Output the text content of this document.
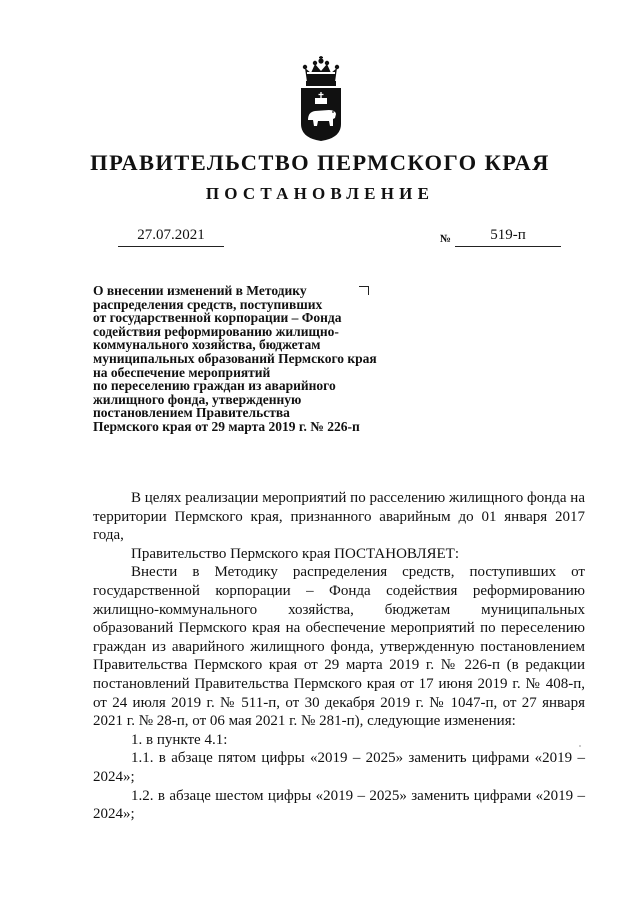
ПРАВИТЕЛЬСТВО ПЕРМСКОГО КРАЯ
ПОСТАНОВЛЕНИЕ
27.07.2021	№	519-п
О внесении изменений в Методику
распределения средств, поступивших
от государственной корпорации – Фонда
содействия реформированию жилищно-
коммунального хозяйства, бюджетам
муниципальных образований Пермского края
на обеспечение мероприятий
по переселению граждан из аварийного
жилищного фонда, утвержденную
постановлением Правительства
Пермского края от 29 марта 2019 г. № 226-п

В целях реализации мероприятий по расселению жилищного фонда на территории Пермского края, признанного аварийным до 01 января 2017 года,

Правительство Пермского края ПОСТАНОВЛЯЕТ:

Внести в Методику распределения средств, поступивших от государственной корпорации – Фонда содействия реформированию жилищно-коммунального хозяйства, бюджетам муниципальных образований Пермского края на обеспечение мероприятий по переселению граждан из аварийного жилищного фонда, утвержденную постановлением Правительства Пермского края от 29 марта 2019 г. № 226-п (в редакции постановлений Правительства Пермского края от 17 июня 2019 г. № 408-п, от 24 июля 2019 г. № 511-п, от 30 декабря 2019 г. № 1047-п, от 27 января 2021 г. № 28-п, от 06 мая 2021 г. № 281-п), следующие изменения:

1. в пункте 4.1:

1.1. в абзаце пятом цифры «2019 – 2025» заменить цифрами «2019 – 2024»;

1.2. в абзаце шестом цифры «2019 – 2025» заменить цифрами «2019 – 2024»;
